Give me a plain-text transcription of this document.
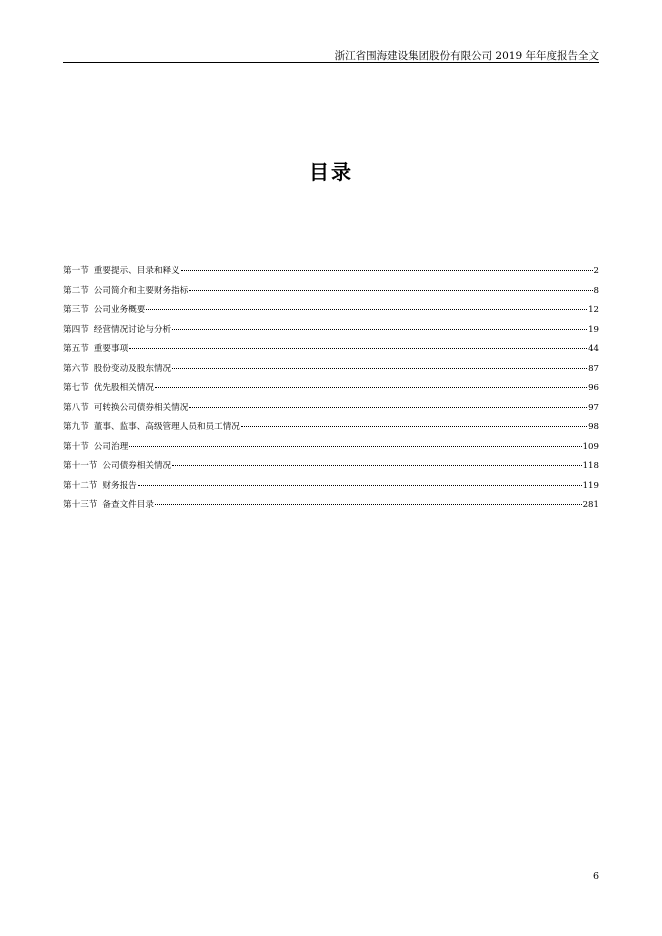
浙江省围海建设集团股份有限公司 2019 年年度报告全文
目录
第一节 重要提示、目录和释义	2
第二节 公司简介和主要财务指标	8
第三节 公司业务概要	12
第四节 经营情况讨论与分析	19
第五节 重要事项	44
第六节 股份变动及股东情况	87
第七节 优先股相关情况	96
第八节 可转换公司债券相关情况	97
第九节 董事、监事、高级管理人员和员工情况	98
第十节 公司治理	109
第十一节 公司债券相关情况	118
第十二节 财务报告	119
第十三节 备查文件目录	281
6
